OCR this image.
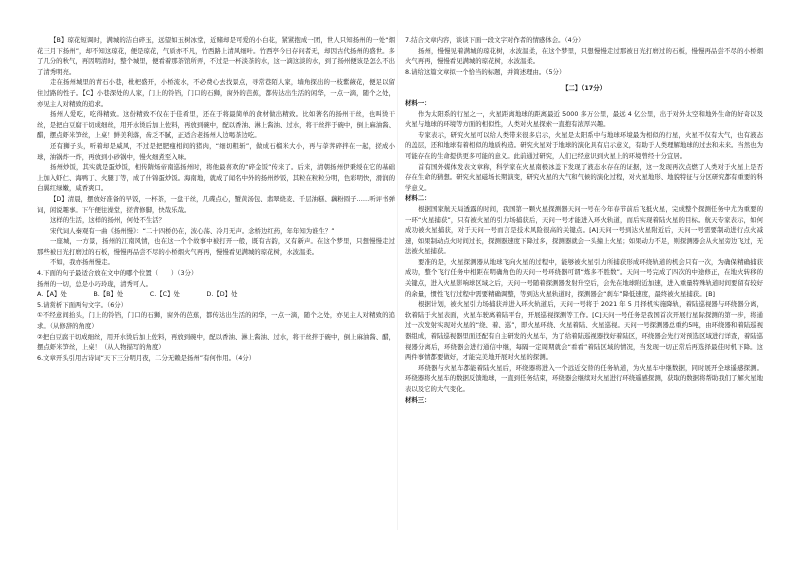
【B】琼花短调时，满城的洁白碎玉，远望如玉树冰堂，近赌却是可爱的小白花，紧紧抱成一团，世人只知扬州的一处“烟花三月下扬州”，却不知这琼花，便是琼花，气质亦不凡，竹西路上清风细叶。竹西亭今日存问者无，却因古代扬州的盛世。多了几分的秋气，再因明清时，整个城里，便看着那茶馆所弄，不过是一杯淡茶的水，这一滴这淡的水，到了扬州便该是怎么不出了清秀明亮。

走在扬州城里的青石小巷，枇杷盛开，小桥流水，不必费心去找景点，寻常巷陌人家，墙角探出的一枝紫薇花，便足以留住过路的性子。【C】小巷深处的人家，门上的铃铛，门口的石狮，窗外的芭蕉，都传达出生活的闲华，一点一滴，随个之处，亦见主人对精致的追求。

扬州人爱吃，吃得精致。这份精致不仅在于佳肴里，还在于将最简单的食材做出精致。比如著名的扬州干丝，也叫烫干丝，是把白豆腐干切成细丝，用开水烫后加上佐料，再放到碗中，配以香油、淋上酱油、过水，将干丝拌于碗中，倒上麻油酱、醋，摆点虾米笋丝，上桌！鲜美利落，齿乏不腻，正适合老扬州人边喝茶边吃。

还有狮子头，听着却是威风，不过是把肥瘦相间的猪肉，“细切粗斩”，做成石榴米大小，再与荸荠碎拌在一起，搓成小球，油锅炸一炸，再放到小砂锅中，慢火细煮至入味。

扬州炒饭，其实就是蛋炒饭，相传隋炀帝南巡扬州时，将他最喜欢的“碎金饭”传来了。后来，清朝扬州伊秉绶在它的基础上加入虾仁、海鸭丁、火腿丁等，成了什锦蛋炒饭。海南地，就成了闻名中外的扬州炒饭，其粒在粒粒分明，色彩明快，滑润的白翼红绿嫩，咸香爽口。

【D】清晨，摆放好准备的早饭，一杯茶，一盘干丝，几碟点心，蟹黄汤包、翡翠烧麦、千层油糕、藕粉圆子……听评书弹词，闲说趣事。下午便往澡堂，搓背修脚，快哉乐哉。

这样的生活，这样的扬州，何处不生活？

宋代词人秦观有一曲《扬州慢》：“二十四桥仍在，波心荡、冷月无声。念桥边红药，年年知为谁生？”

一座城，一方景，扬州的江南风情，也在这一个个故事中被打开一般，既有古韵，又有新声。在这个梦里，只想慢慢走过那些被日光打磨过的石板，慢慢再品尝不尽的小桥烟火气再再，慢慢看见满城的琼花树，水波温柔。

不如，我亦扬州慢走。

4.下面的句子最适合放在文中的哪个位置（　　）（3分）

扬州的一切，总是小巧玲珑，清秀可人。

A.【A】处	B.【B】处	C.【C】处	D.【D】处

5.请赏析下面两句文字。（6分）

①不经意间抬头，门上的铃铛，门口的石狮，窗外的芭蕉，都传达出生活的闲华，一点一滴，随个之处，亦见主人对精致的追求。（从修辞的角度）

②把白豆腐干切成细丝，用开水烫后加上佐料，再放到碗中，配以香油、淋上酱油、过水，将干丝拌于碗中，倒上麻油酱、醋，摆点虾米笋丝，上桌！（从人物描写的角度）

6.文章开头引用古诗词“天下三分明月夜，二分无赖是扬州”有何作用。（4分）

7.结合文章内容，谈谈下面一段文字对作者的情感体会。（4分）

扬州，慢慢见着满城的琼花树，水波温柔，在这个梦里，只想慢慢走过那被日光打磨过的石板，慢慢再品尝不尽的小桥烟火气再再，慢慢看见满城的琼花树，水波温柔。

8.请给这篇文章拟一个恰当的标题，并简述理由。（5分）

【二】（17分）

材料一：

作为太阳系的行星之一，火星距离地球的距离最近 5000 多万公里，最远 4 亿公里，出于对外太空和地外生命的好奇以及火星与地球的环境等方面的相似性，人类对火星探索一直抱有浓厚兴趣。

专家表示，研究火星可以给人类带来很多启示，火星是太阳系中与地球环境最为相似的行星，火星不仅有大气，也有液态的盖层，还和地球有着相似的地质构造。研究火星对于地球的演化具有启示意义，有助于人类理解地球的过去和未来。当然也为可能存在的生命提供更多可能的意义。此前通过研究，人们已经意识到火星上的环境曾经十分宜居。

首有国外媒体发表文章称，科学家在火星南极冰盖下发现了液态水存在的证据，这一发现再次点燃了人类对于火星上是否存在生命的猜想。研究火星磁场长期演变，研究火星的大气和气候的演化过程，对火星地形、地貌特征与分区研究都有重要的科学意义。

材料二：

根据国家航天局透露的时间，我国第一颗火星探测器天问一号在今年春节前后飞抵火星，完成整个探测任务中尤为重要的一环“火星捕获”，只有被火星的引力场捕获后，天问一号才能进入环火轨道，而后实现着陆火星的目标。航天专家表示，如何成功被火星捕获，对于天问一号而言是技术风险很高的关键点。[A]天问一号到达火星附近后，天问一号需要制动进行点火减速，如果制动点火时间过长，探测器速度下降过多，探测器就会一头撞上火星；如果动力不足，则探测器会从火星旁边飞过，无法被火星捕获。

要准的是，火星探测器从地球飞向火星的过程中，能够被火星引力所捕获形成环绕轨道的机会只有一次，为确保精确捕获成功，整个飞行任务中相距在明确角色的天问一号环绕器可谓“炼多不胜数”。天问一号完成了四次的中途修正，在地火转移的关键点，进入火星影响球区域之后，天问一号随着探测器发射升空后，会先在地球附近加速，进入重量特殊轨道时间要留有较好的余量，惯性飞行过程中需要精确调整，等到达火星轨道时，探测器会“刹车”降低速度，最终被火星捕获。[B]

根据计划，被火星引力场捕获并进入环火轨道后，天问一号将于 2021 年 5 月择机实施降轨，着陆巡视器与环绕器分离，软着陆于火星表面，火星车驶离着陆平台，开展巡视探测等工作。[C]天问一号任务是我国首次开展行星际探测的第一步，将通过一次发射实现对火星的“绕、着、巡”，即火星环绕、火星着陆、火星巡视。天问一号探测器总重约5吨，由环绕器和着陆巡视器组成，着陆巡视器里面还配有自主研发的火星车，为了给着陆巡视器找好着陆区，环绕器会先行对预选区域进行详查，着陆巡视器分离后，环绕器会进行通信中继，每隔一定周期就会“看看”着陆区域的情况，当发现一切正常后再选择最佳时机下降。这两件事情都要做好，才能完美地开展对火星的探测。

环绕器与火星车都能着陆火星后，环绕器将进入一个远近交替的任务轨道，为火星车中继数据，同时展开全球遥感探测。环绕器将火星车的数据反馈地球，一直到任务结束，环绕器会继续对火星进行环绕遥感探测，获取的数据将帮助我们了解火星地表以及它的大气变化。

材料三：
